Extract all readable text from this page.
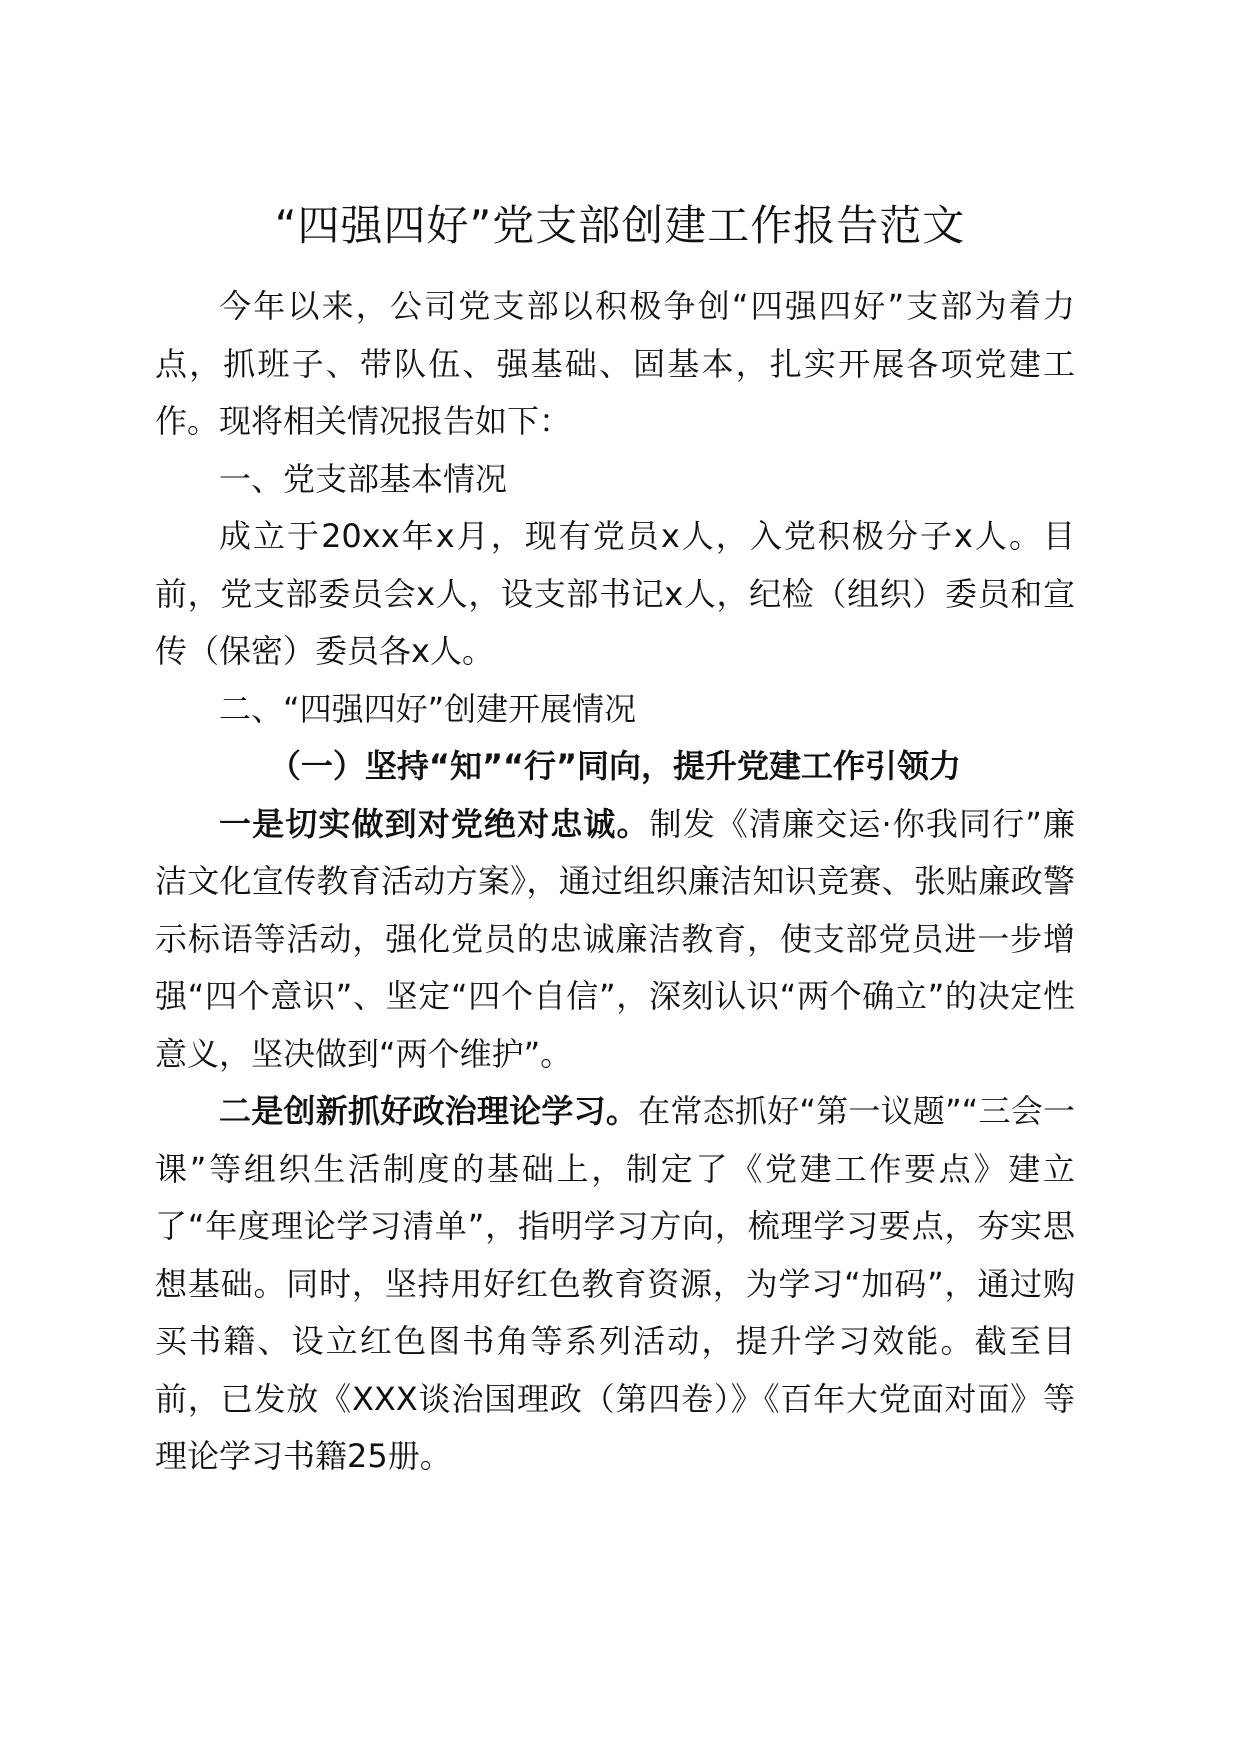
“四强四好”党支部创建工作报告范文

今年以来，公司党支部以积极争创“四强四好”支部为着力点，抓班子、带队伍、强基础、固基本，扎实开展各项党建工作。现将相关情况报告如下：

一、党支部基本情况

成立于20xx年x月，现有党员x人，入党积极分子x人。目前，党支部委员会x人，设支部书记x人，纪检（组织）委员和宣传（保密）委员各x人。

二、“四强四好”创建开展情况

（一）坚持“知”“行”同向，提升党建工作引领力

一是切实做到对党绝对忠诚。制发《清廉交运·你我同行”廉洁文化宣传教育活动方案》，通过组织廉洁知识竞赛、张贴廉政警示标语等活动，强化党员的忠诚廉洁教育，使支部党员进一步增强“四个意识”、坚定“四个自信”，深刻认识“两个确立”的决定性意义，坚决做到“两个维护”。

二是创新抓好政治理论学习。在常态抓好“第一议题”“三会一课”等组织生活制度的基础上，制定了《党建工作要点》建立了“年度理论学习清单”，指明学习方向，梳理学习要点，夯实思想基础。同时，坚持用好红色教育资源，为学习“加码”，通过购买书籍、设立红色图书角等系列活动，提升学习效能。截至目前，已发放《XXX谈治国理政（第四卷）》《百年大党面对面》等理论学习书籍25册。
